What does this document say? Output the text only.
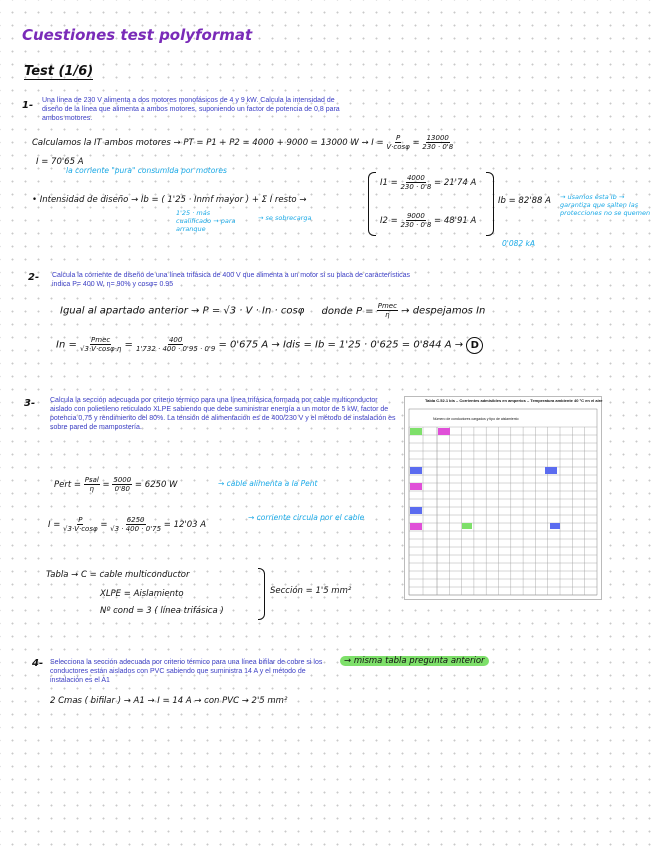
Cuestiones test polyformat
Test (1/6)
1- Una línea de 230 V alimenta a dos motores monofásicos de 4 y 9 kW. Calcula la intensidad de diseño de la línea que alimenta a ambos motores, suponiendo un factor de potencia de 0,8 para ambos motores.
Calculamos la IT ambos motores → PT = P1 + P2 = 4000 + 9000 = 13000 $W \to I = \frac{P}{V\cdot\cos\varphi} = \frac{13000}{230 \cdot 0'8}$
I = 70'65 A
la corriente "pura" consumida por motores
• Intensidad de diseño → Ib = ( 1'25 · Inmf mayor ) + Σ I resto →
1'25 · más cualificado → para arranque
→ se sobrecarga
$I1 = \frac{4000}{230 \cdot 0'8} = 21'74$ A
$I2 = \frac{9000}{230 \cdot 0'8} = 48'91$ A
Ib = 82'88 A → usamos esta Ib → garantiza que salten las protecciones no se quemen
0'082 kA
2- Calcula la corriente de diseño de una línea trifásica de 400 V que alimenta a un motor si su placa de características indica P= 400 W, η= 90% y cosφ= 0.95
Igual al apartado anterior → P = √3 · V · In · cosφ donde $P = \frac{\text{Pmec}}{\eta}$ → despejamos In
$In = \frac{\text{Pmec}}{√3\cdot V\cdot\cos\varphi\cdot\eta} = \frac{400}{1'732 \cdot 400 \cdot 0'95 \cdot 0'9} = 0'675$ A → Idis = Ib = 1'25 · 0'625 = 0'844 A → D
3- Calcula la sección adecuada por criterio térmico para una línea trifásica formada por cable multiconductor aislado con polietileno reticulado XLPE sabiendo que debe suministrar energía a un motor de 5 kW, factor de potencia 0,75 y rendimiento del 80%. La tensión de alimentación es de 400/230 V y el método de instalación es sobre pared de mampostería.
Pert = $\frac{\text{Psal}}{\eta} = \frac{5000}{0'80} = 6250$ W	→ cable alimenta a la Pent
$I = \frac{P}{√3\cdot V\cdot\cos\varphi} = \frac{6250}{√3 \cdot 400 \cdot 0'75} = 12'03$ A
→ corriente circula por el cable
Tabla → C = cable multiconductor
XLPE = Aislamiento
Nº cond = 3 ( línea trifásica )
Sección = 1'5 mm²
Tabla C.52.1 bis – Corrientes admisibles en amperios – Temperatura ambiente 40 °C en el aire
Número de conductores cargados y tipo de aislamiento
4- Selecciona la sección adecuada por criterio térmico para una línea bifilar de cobre si los conductores están aislados con PVC sabiendo que suministra 14 A y el método de instalación es el A1
→ misma tabla pregunta anterior
2 Cmas ( bifilar ) → A1 → I = 14 A → con PVC → 2'5 mm²
